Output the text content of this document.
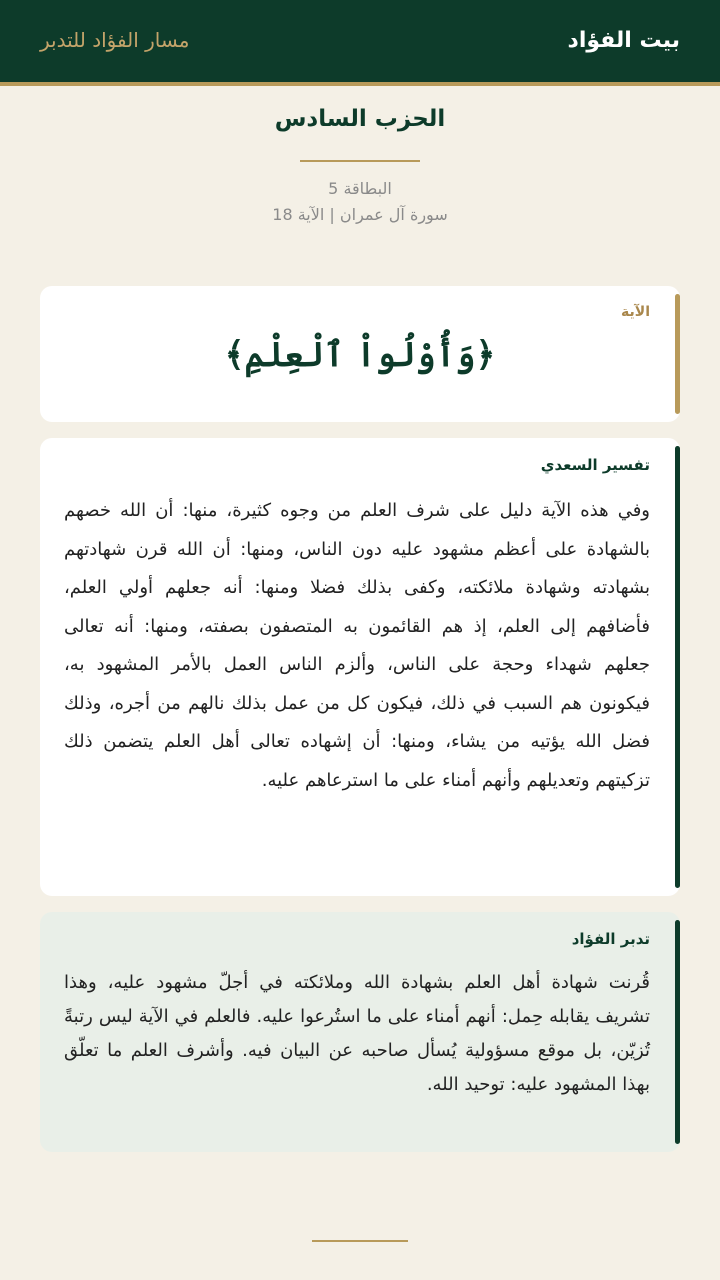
بيت الفؤاد
مسار الفؤاد للتدبر
الحزب السادس
البطاقة 5
سورة آل عمران | الآية 18
الآية
﴿وَأُوْلُواْ ٱلْعِلْمِ﴾
تفسير السعدي
وفي هذه الآية دليل على شرف العلم من وجوه كثيرة، منها: أن الله خصهم بالشهادة على أعظم مشهود عليه دون الناس، ومنها: أن الله قرن شهادتهم بشهادته وشهادة ملائكته، وكفى بذلك فضلا ومنها: أنه جعلهم أولي العلم، فأضافهم إلى العلم، إذ هم القائمون به المتصفون بصفته، ومنها: أنه تعالى جعلهم شهداء وحجة على الناس، وألزم الناس العمل بالأمر المشهود به، فيكونون هم السبب في ذلك، فيكون كل من عمل بذلك نالهم من أجره، وذلك فضل الله يؤتيه من يشاء، ومنها: أن إشهاده تعالى أهل العلم يتضمن ذلك تزكيتهم وتعديلهم وأنهم أمناء على ما استرعاهم عليه.
تدبر الفؤاد
قُرنت شهادة أهل العلم بشهادة الله وملائكته في أجلّ مشهود عليه، وهذا تشريف يقابله حِمل: أنهم أمناء على ما استُرعوا عليه. فالعلم في الآية ليس رتبةً تُزيّن، بل موقع مسؤولية يُسأل صاحبه عن البيان فيه. وأشرف العلم ما تعلّق بهذا المشهود عليه: توحيد الله.
